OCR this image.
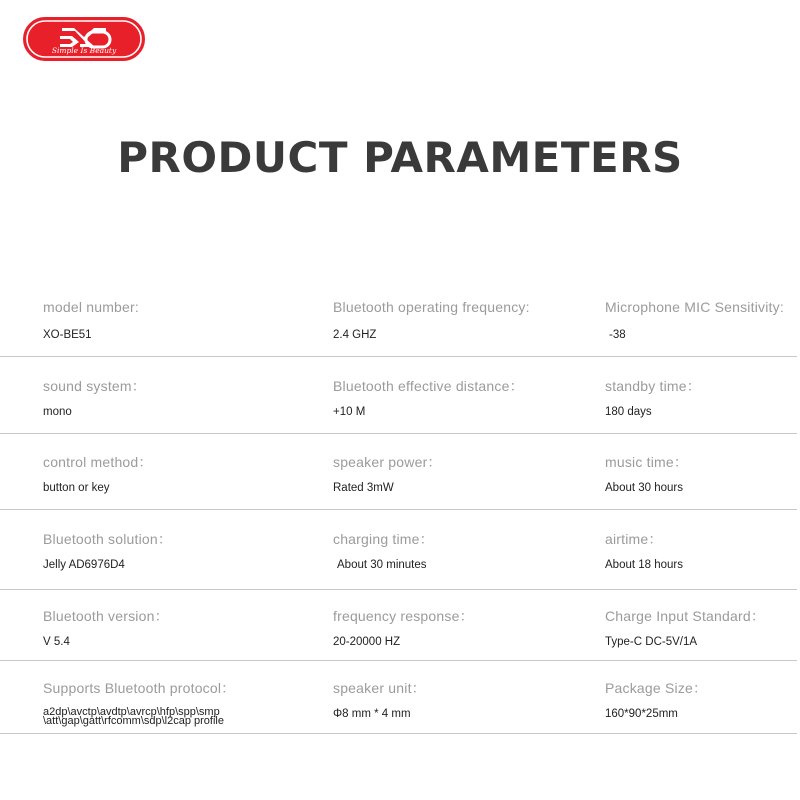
Simple Is Beauty
PRODUCT PARAMETERS
model number:
XO-BE51
Bluetooth operating frequency:
2.4 GHZ
Microphone MIC Sensitivity:
-38
sound system：
mono
Bluetooth effective distance：
+10 M
standby time：
180 days
control method：
button or key
speaker power：
Rated 3mW
music time：
About 30 hours
Bluetooth solution：
Jelly AD6976D4
charging time：
About 30 minutes
airtime：
About 18 hours
Bluetooth version：
V 5.4
frequency response：
20-20000 HZ
Charge Input Standard：
Type-C DC-5V/1A
Supports Bluetooth protocol：
a2dp\avctp\avdtp\avrcp\hfp\spp\smp \att\gap\gatt\rfcomm\sdp\l2cap profile
speaker unit：
Φ8 mm * 4 mm
Package Size：
160*90*25mm
